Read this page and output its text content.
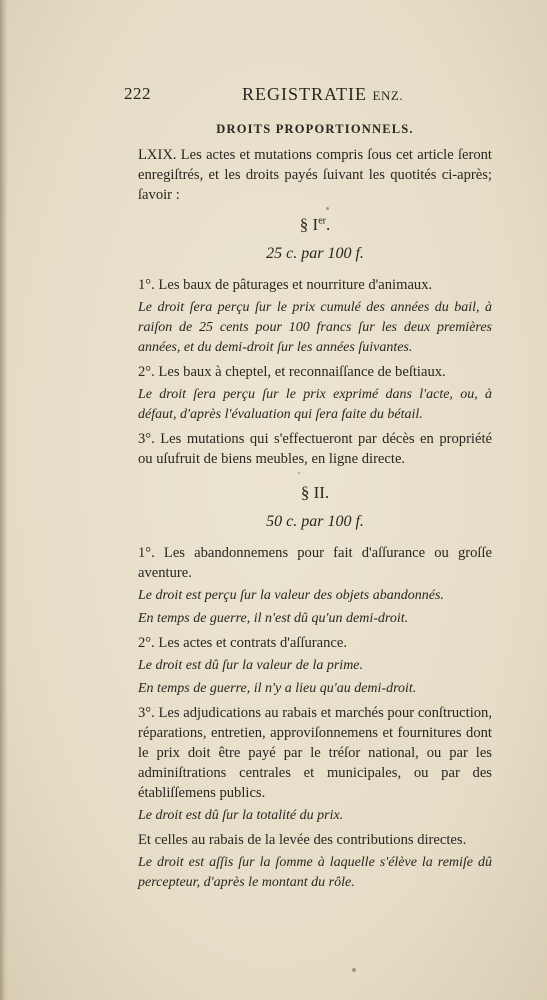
222	REGISTRATIE ENZ.
DROITS PROPORTIONNELS.

LXIX. Les actes et mutations compris ſous cet article ſeront enregiſtrés, et les droits payés ſuivant les quotités ci-après; ſavoir :

§ Ier.
25 c. par 100 f.

1°. Les baux de pâturages et nourriture d'animaux.

Le droit ſera perçu ſur le prix cumulé des années du bail, à raiſon de 25 cents pour 100 francs ſur les deux premières années, et du demi-droit ſur les années ſuivantes.

2°. Les baux à cheptel, et reconnaiſſance de beſtiaux.

Le droit ſera perçu ſur le prix exprimé dans l'acte, ou, à défaut, d'après l'évaluation qui ſera faite du bétail.

3°. Les mutations qui s'effectueront par décès en propriété ou uſufruit de biens meubles, en ligne directe.

§ II.
50 c. par 100 f.

1°. Les abandonnemens pour fait d'aſſurance ou groſſe aventure.

Le droit est perçu ſur la valeur des objets abandonnés.

En temps de guerre, il n'est dû qu'un demi-droit.

2°. Les actes et contrats d'aſſurance.

Le droit est dû ſur la valeur de la prime.

En temps de guerre, il n'y a lieu qu'au demi-droit.

3°. Les adjudications au rabais et marchés pour conſtruction, réparations, entretien, approviſonnemens et fournitures dont le prix doit être payé par le tréſor national, ou par les adminiſtrations centrales et municipales, ou par des établiſſemens publics.

Le droit est dû ſur la totalité du prix.

Et celles au rabais de la levée des contributions directes.

Le droit est aſſis ſur la ſomme à laquelle s'élève la remiſe dû percepteur, d'après le montant du rôle.
